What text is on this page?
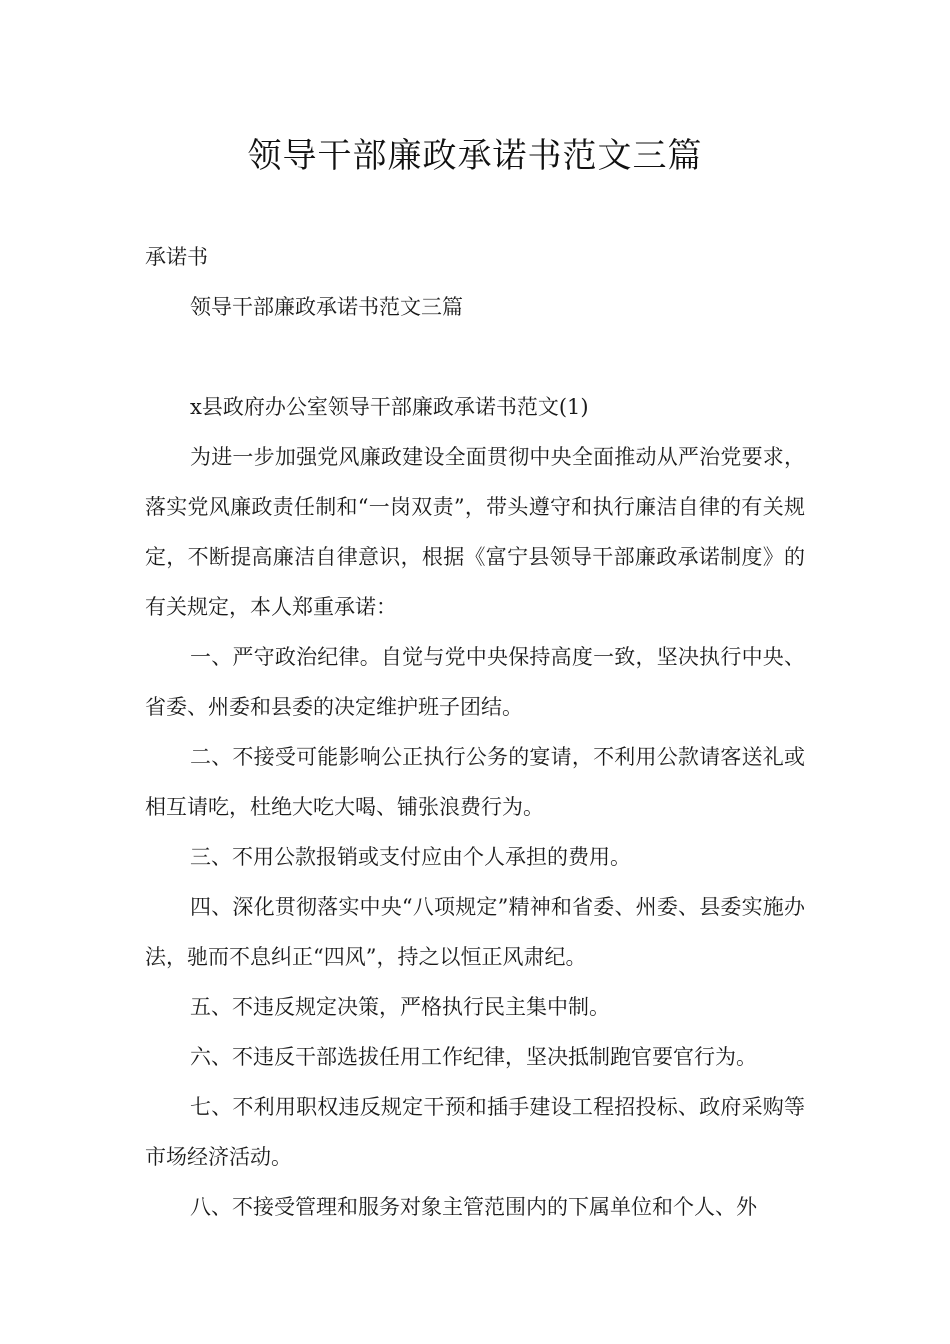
领导干部廉政承诺书范文三篇

承诺书

领导干部廉政承诺书范文三篇

x县政府办公室领导干部廉政承诺书范文(1)

为进一步加强党风廉政建设全面贯彻中央全面推动从严治党要求，落实党风廉政责任制和“一岗双责”，带头遵守和执行廉洁自律的有关规定，不断提高廉洁自律意识，根据《富宁县领导干部廉政承诺制度》的有关规定，本人郑重承诺：

一、严守政治纪律。自觉与党中央保持高度一致，坚决执行中央、省委、州委和县委的决定维护班子团结。

二、不接受可能影响公正执行公务的宴请，不利用公款请客送礼或相互请吃，杜绝大吃大喝、铺张浪费行为。

三、不用公款报销或支付应由个人承担的费用。

四、深化贯彻落实中央“八项规定”精神和省委、州委、县委实施办法，驰而不息纠正“四风”，持之以恒正风肃纪。

五、不违反规定决策，严格执行民主集中制。

六、不违反干部选拔任用工作纪律，坚决抵制跑官要官行为。

七、不利用职权违反规定干预和插手建设工程招投标、政府采购等市场经济活动。

八、不接受管理和服务对象主管范围内的下属单位和个人、外
